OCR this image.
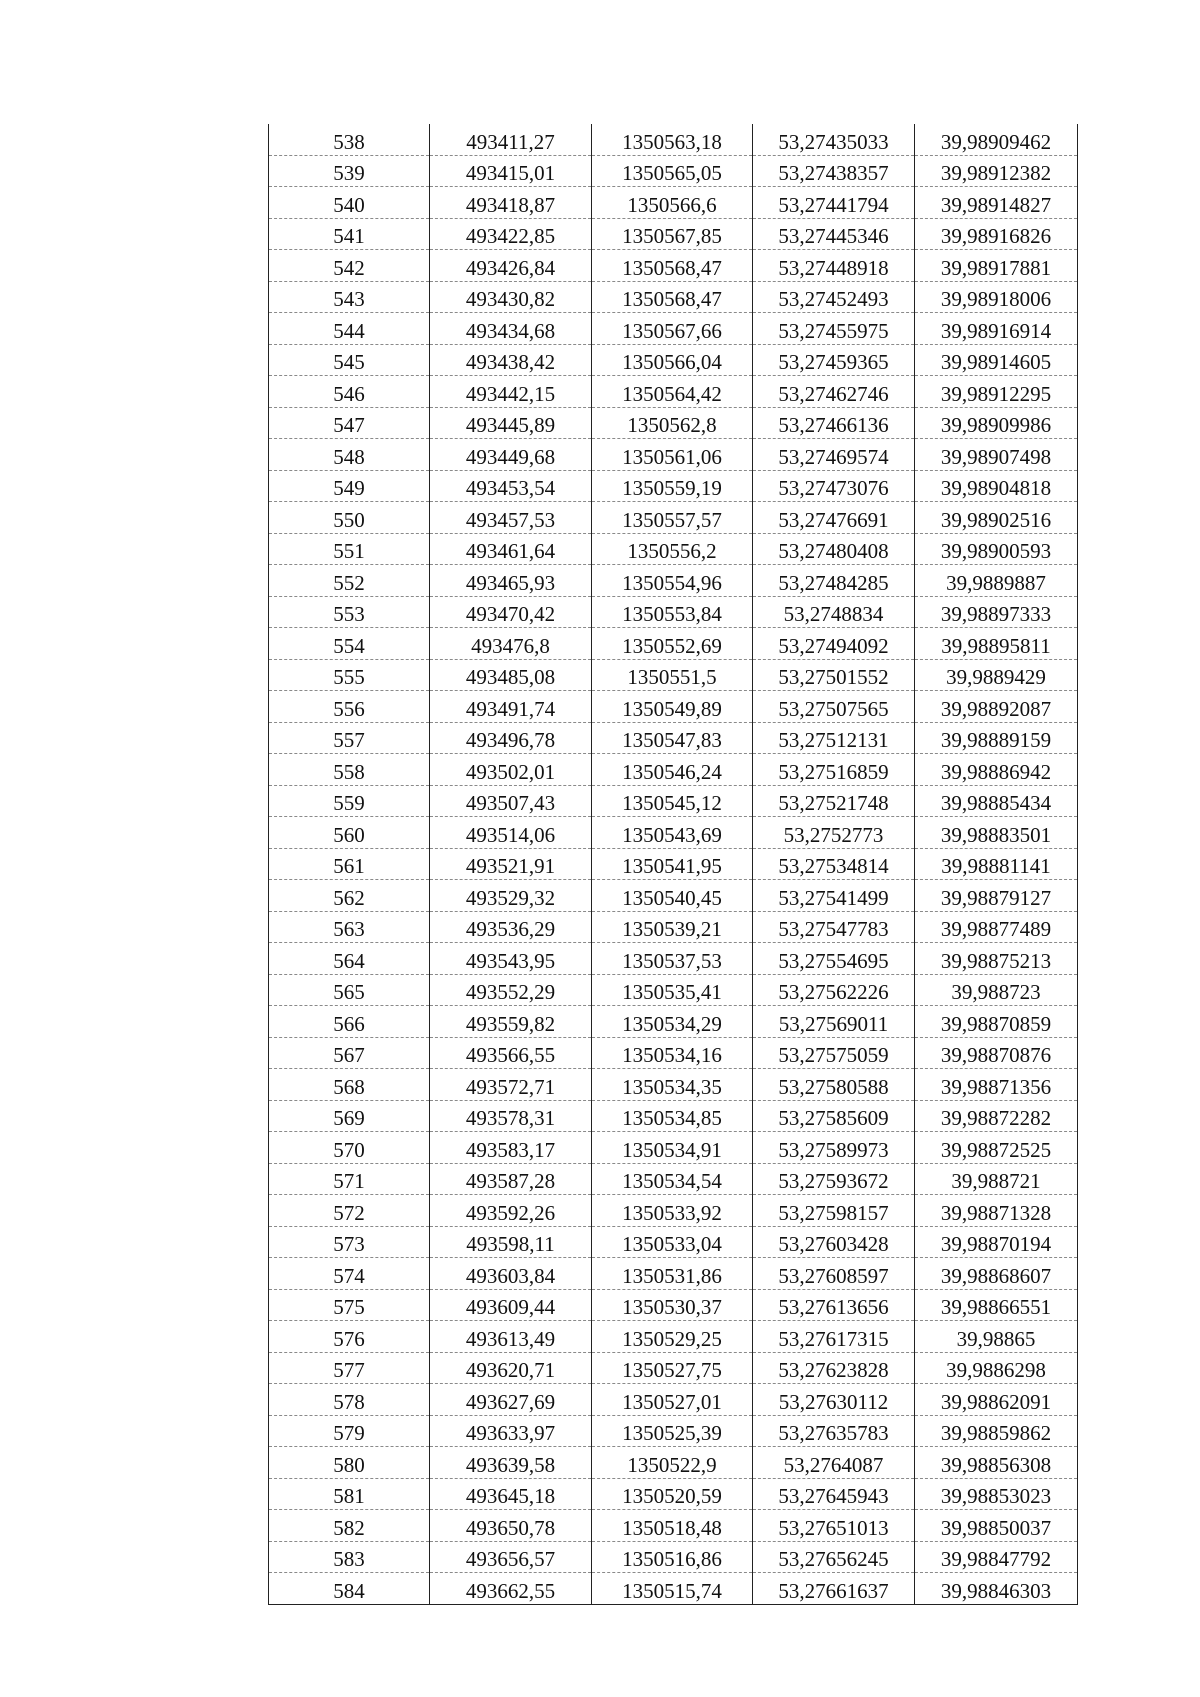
538	493411,27	1350563,18	53,27435033	39,98909462
539	493415,01	1350565,05	53,27438357	39,98912382
540	493418,87	1350566,6	53,27441794	39,98914827
541	493422,85	1350567,85	53,27445346	39,98916826
542	493426,84	1350568,47	53,27448918	39,98917881
543	493430,82	1350568,47	53,27452493	39,98918006
544	493434,68	1350567,66	53,27455975	39,98916914
545	493438,42	1350566,04	53,27459365	39,98914605
546	493442,15	1350564,42	53,27462746	39,98912295
547	493445,89	1350562,8	53,27466136	39,98909986
548	493449,68	1350561,06	53,27469574	39,98907498
549	493453,54	1350559,19	53,27473076	39,98904818
550	493457,53	1350557,57	53,27476691	39,98902516
551	493461,64	1350556,2	53,27480408	39,98900593
552	493465,93	1350554,96	53,27484285	39,9889887
553	493470,42	1350553,84	53,2748834	39,98897333
554	493476,8	1350552,69	53,27494092	39,98895811
555	493485,08	1350551,5	53,27501552	39,9889429
556	493491,74	1350549,89	53,27507565	39,98892087
557	493496,78	1350547,83	53,27512131	39,98889159
558	493502,01	1350546,24	53,27516859	39,98886942
559	493507,43	1350545,12	53,27521748	39,98885434
560	493514,06	1350543,69	53,2752773	39,98883501
561	493521,91	1350541,95	53,27534814	39,98881141
562	493529,32	1350540,45	53,27541499	39,98879127
563	493536,29	1350539,21	53,27547783	39,98877489
564	493543,95	1350537,53	53,27554695	39,98875213
565	493552,29	1350535,41	53,27562226	39,988723
566	493559,82	1350534,29	53,27569011	39,98870859
567	493566,55	1350534,16	53,27575059	39,98870876
568	493572,71	1350534,35	53,27580588	39,98871356
569	493578,31	1350534,85	53,27585609	39,98872282
570	493583,17	1350534,91	53,27589973	39,98872525
571	493587,28	1350534,54	53,27593672	39,988721
572	493592,26	1350533,92	53,27598157	39,98871328
573	493598,11	1350533,04	53,27603428	39,98870194
574	493603,84	1350531,86	53,27608597	39,98868607
575	493609,44	1350530,37	53,27613656	39,98866551
576	493613,49	1350529,25	53,27617315	39,98865
577	493620,71	1350527,75	53,27623828	39,9886298
578	493627,69	1350527,01	53,27630112	39,98862091
579	493633,97	1350525,39	53,27635783	39,98859862
580	493639,58	1350522,9	53,2764087	39,98856308
581	493645,18	1350520,59	53,27645943	39,98853023
582	493650,78	1350518,48	53,27651013	39,98850037
583	493656,57	1350516,86	53,27656245	39,98847792
584	493662,55	1350515,74	53,27661637	39,98846303
